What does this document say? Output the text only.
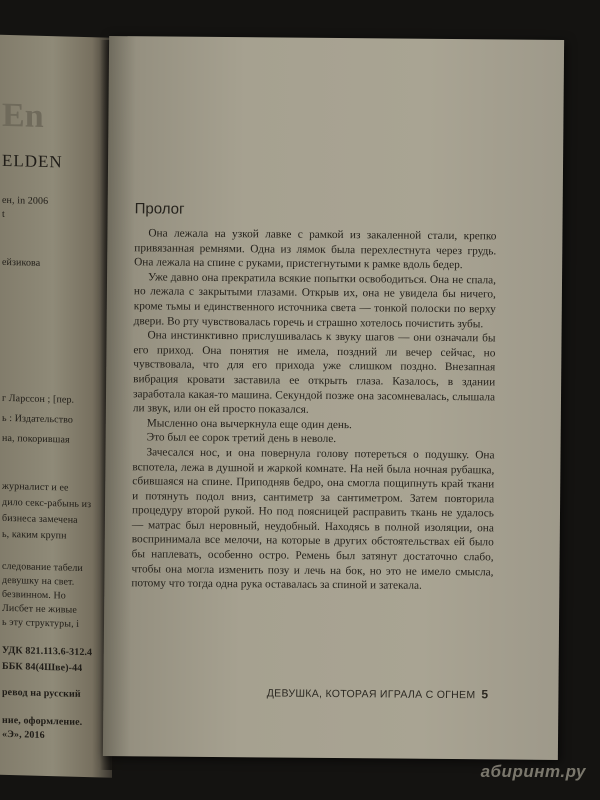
En
ELDEN
ен, in 2006
t
ейзикова
г Ларссон ; [пер.
ь : Издательство
на, покорившая
журналист и ее
дило секс-рабынь из
бизнеса замечена
ь, каким крупн
следование табели
девушку на свет.
безвинном. Но
Лисбет не живые
ь эту структуры, i
УДК 821.113.6-312.4
ББК 84(4Шве)-44
ревод на русский
ние, оформление.
«Э», 2016
Пролог

Она лежала на узкой лавке с рамкой из закаленной стали, крепко привязанная ремнями. Одна из лямок была перехлестнута через грудь. Она лежала на спине с руками, пристегнутыми к рамке вдоль бедер.

Уже давно она прекратила всякие попытки освободиться. Она не спала, но лежала с закрытыми глазами. Открыв их, она не увидела бы ничего, кроме тьмы и единственного источника света — тонкой полоски по верху двери. Во рту чувствовалась горечь и страшно хотелось почистить зубы.

Она инстинктивно прислушивалась к звуку шагов — они означали бы его приход. Она понятия не имела, поздний ли вечер сейчас, но чувствовала, что для его прихода уже слишком поздно. Внезапная вибрация кровати заставила ее открыть глаза. Казалось, в здании заработала какая-то машина. Секундой позже она засомневалась, слышала ли звук, или он ей просто показался.

Мысленно она вычеркнула еще один день.

Это был ее сорок третий день в неволе.

Зачесался нос, и она повернула голову потереться о подушку. Она вспотела, лежа в душной и жаркой комнате. На ней была ночная рубашка, сбившаяся на спине. Приподняв бедро, она смогла пощипнуть край ткани и потянуть подол вниз, сантиметр за сантиметром. Затем повторила процедуру второй рукой. Но под поясницей расправить ткань не удалось — матрас был неровный, неудобный. Находясь в полной изоляции, она воспринимала все мелочи, на которые в других обстоятельствах ей было бы наплевать, особенно остро. Ремень был затянут достаточно слабо, чтобы она могла изменить позу и лечь на бок, но это не имело смысла, потому что тогда одна рука оставалась за спиной и затекала.

ДЕВУШКА, КОТОРАЯ ИГРАЛА С ОГНЕМ 5
абиринт.ру
